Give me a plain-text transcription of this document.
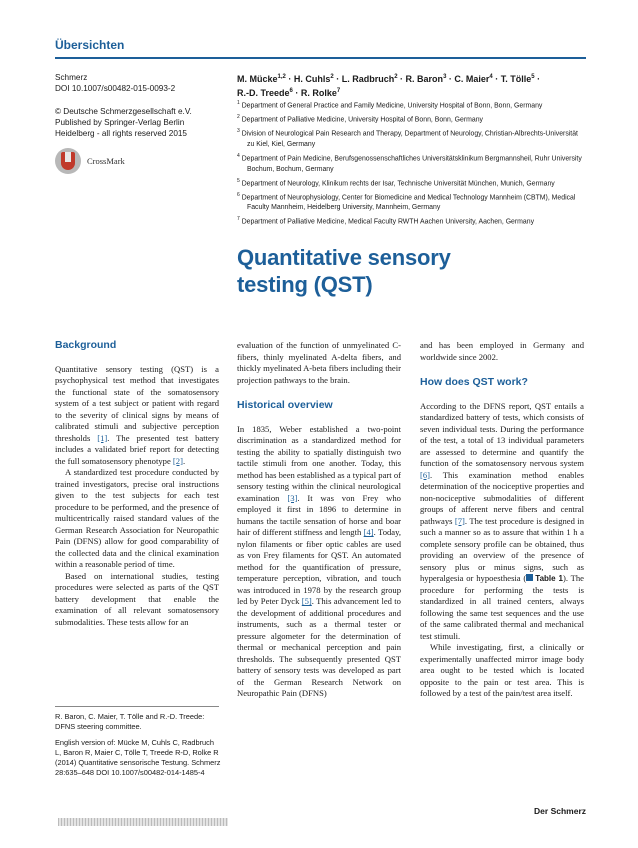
Übersichten

Schmerz

DOI 10.1007/s00482-015-0093-2

© Deutsche Schmerzgesellschaft e.V. Published by Springer-Verlag Berlin Heidelberg - all rights reserved 2015

CrossMark
M. Mücke$^{1,2}$ · H. Cuhls$^2$ · L. Radbruch$^2$ · R. Baron$^3$ · C. Maier$^4$ · T. Tölle$^5$ ·
R.-D. Treede$^6$ · R. Rolke$^7$
$^1$ Department of General Practice and Family Medicine, University Hospital of Bonn, Bonn, Germany
$^2$ Department of Palliative Medicine, University Hospital of Bonn, Bonn, Germany
$^3$ Division of Neurological Pain Research and Therapy, Department of Neurology, Christian-Albrechts-Universität zu Kiel, Kiel, Germany
$^4$ Department of Pain Medicine, Berufsgenossenschaftliches Universitätsklinikum Bergmannsheil, Ruhr University Bochum, Bochum, Germany
$^5$ Department of Neurology, Klinikum rechts der Isar, Technische Universität München, Munich, Germany
$^6$ Department of Neurophysiology, Center for Biomedicine and Medical Technology Mannheim (CBTM), Medical Faculty Mannheim, Heidelberg University, Mannheim, Germany
$^7$ Department of Palliative Medicine, Medical Faculty RWTH Aachen University, Aachen, Germany
Quantitative sensory
testing (QST)
Background

Quantitative sensory testing (QST) is a psychophysical test method that investigates the functional state of the somatosensory system of a test subject or patient with regard to the severity of clinical signs by means of calibrated stimuli and subjective perception thresholds [1]. The presented test battery includes a validated brief report for detecting the full somatosensory phenotype [2].

A standardized test procedure conducted by trained investigators, precise oral instructions given to the test subjects for each test procedure to be performed, and the presence of multicentrically raised standard values of the German Research Association for Neuropathic Pain (DFNS) allow for good comparability of the collected data and the clinical examination within a reasonable period of time.

Based on international studies, testing procedures were selected as parts of the QST battery development that enable the examination of all relevant somatosensory submodalities. These tests allow for an

evaluation of the function of unmyelinated C-fibers, thinly myelinated A-delta fibers, and thickly myelinated A-beta fibers including their projection pathways to the brain.

Historical overview

In 1835, Weber established a two-point discrimination as a standardized method for testing the ability to spatially distinguish two tactile stimuli from one another. Today, this method has been established as a typical part of sensory testing within the clinical neurological examination [3]. It was von Frey who employed it first in 1896 to determine in humans the tactile sensation of horse and boar hair of different stiffness and length [4]. Today, nylon filaments or fiber optic cables are used as von Frey filaments for QST. An automated method for the quantification of pressure, temperature perception, vibration, and touch was introduced in 1978 by the research group led by Peter Dyck [5]. This advancement led to the development of additional procedures and instruments, such as a thermal tester or pressure algometer for the determination of thermal or mechanical perception and pain thresholds. The subsequently presented QST battery of sensory tests was developed as part of the German Research Network on Neuropathic Pain (DFNS)

and has been employed in Germany and worldwide since 2002.

How does QST work?

According to the DFNS report, QST entails a standardized battery of tests, which consists of seven individual tests. During the performance of the test, a total of 13 individual parameters are assessed to determine and quantify the function of the somatosensory nervous system [6]. This examination method enables determination of the nociceptive properties and non-nociceptive submodalities of different groups of afferent nerve fibers and central pathways [7]. The test procedure is designed in such a manner so as to assure that within 1 h a complete sensory profile can be obtained, thus providing an overview of the presence of sensory plus or minus signs, such as hyperalgesia or hypoesthesia ( Table 1). The procedure for performing the tests is standardized in all trained centers, always following the same test sequences and the use of the same calibrated thermal and mechanical test stimuli.

While investigating, first, a clinically or experimentally unaffected mirror image body area ought to be tested which is located opposite to the pain or test area. This is followed by a test of the pain/test area itself.

R. Baron, C. Maier, T. Tölle and R.-D. Treede: DFNS steering committee.

English version of: Mücke M, Cuhls C, Radbruch L, Baron R, Maier C, Tölle T, Treede R-D, Rolke R (2014) Quantitative sensorische Testung. Schmerz 28:635–648 DOI 10.1007/s00482-014-1485-4

Der Schmerz
